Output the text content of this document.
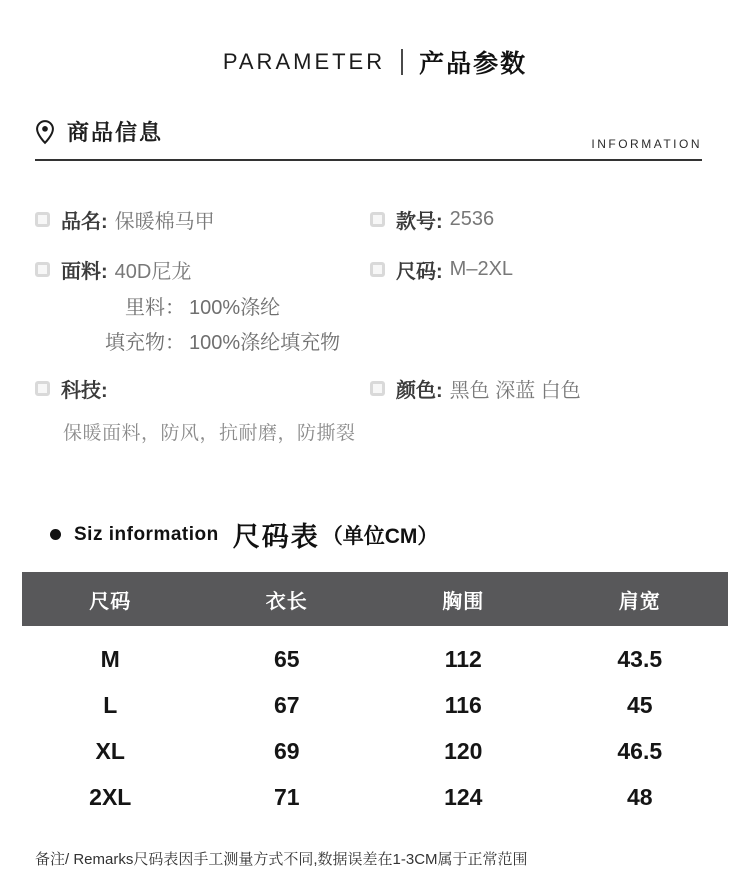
PARAMETER 产品参数
商品信息	INFORMATION
品名: 保暖棉马甲	款号: 2536
面料: 40D尼龙	尺码: M–2XL
里料： 100%涤纶
填充物： 100%涤纶填充物
科技:	颜色: 黑色 深蓝 白色
保暖面料，防风，抗耐磨，防撕裂
Siz information 尺码表 （单位CM）
尺码	衣长	胸围	肩宽
M	65	112	43.5
L	67	116	45
XL	69	120	46.5
2XL	71	124	48
备注/ Remarks尺码表因手工测量方式不同,数据误差在1-3CM属于正常范围
